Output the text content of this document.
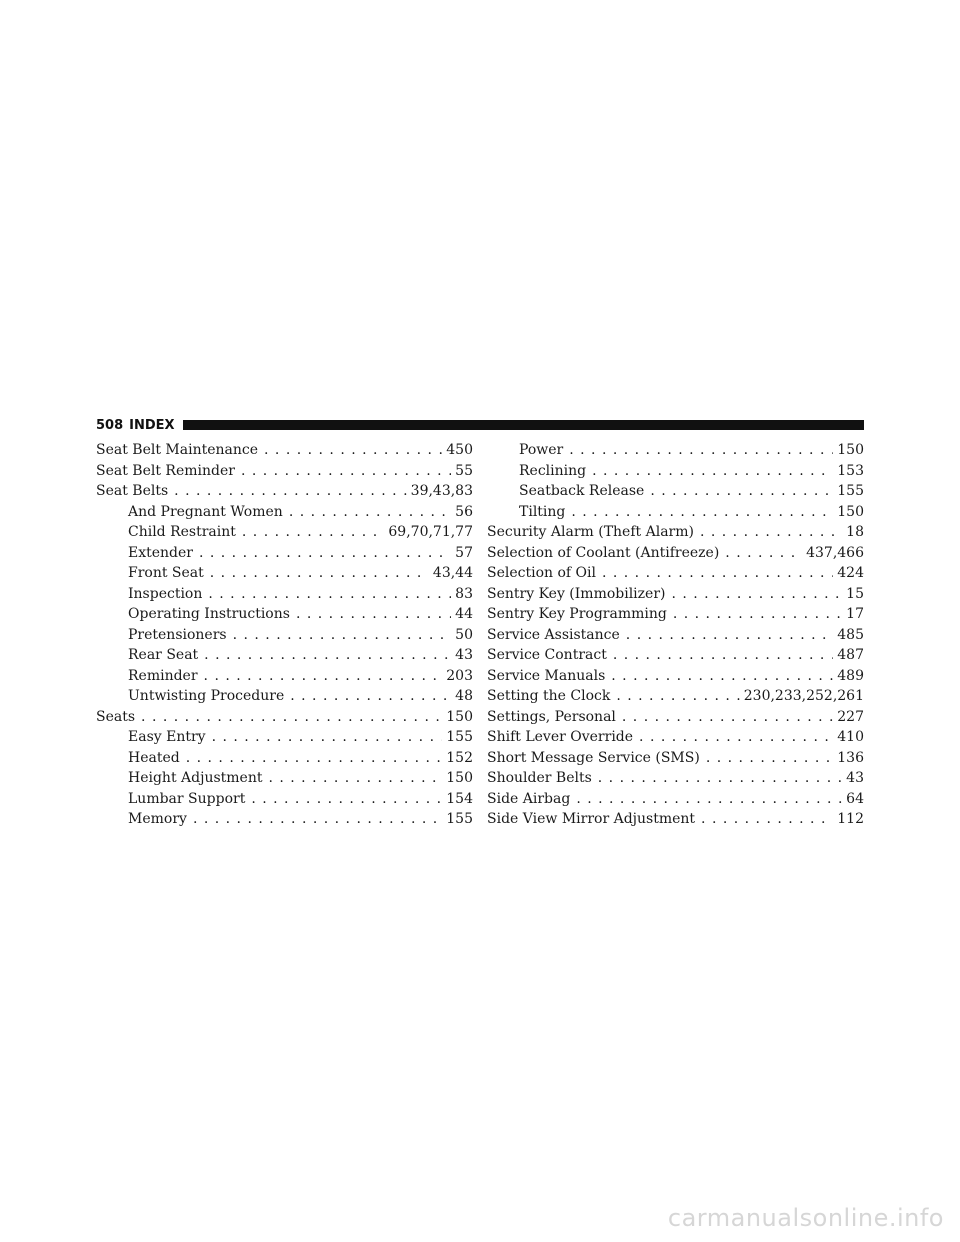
508 INDEX
Seat Belt Maintenance . . .	450
Seat Belt Reminder . . .	55
Seat Belts . . .	39,43,83
And Pregnant Women . . .	56
Child Restraint . . .	69,70,71,77
Extender . . .	57
Front Seat . . .	43,44
Inspection . . .	83
Operating Instructions . . .	44
Pretensioners . . .	50
Rear Seat . . .	43
Reminder . . .	203
Untwisting Procedure . . .	48
Seats . . .	150
Easy Entry . . .	155
Heated . . .	152
Height Adjustment . . .	150
Lumbar Support . . .	154
Memory . . .	155
Power . . .	150
Reclining . . .	153
Seatback Release . . .	155
Tilting . . .	150
Security Alarm (Theft Alarm) . . .	18
Selection of Coolant (Antifreeze) . . .	437,466
Selection of Oil . . .	424
Sentry Key (Immobilizer) . . .	15
Sentry Key Programming . . .	17
Service Assistance . . .	485
Service Contract . . .	487
Service Manuals . . .	489
Setting the Clock . . .	230,233,252,261
Settings, Personal . . .	227
Shift Lever Override . . .	410
Short Message Service (SMS) . . .	136
Shoulder Belts . . .	43
Side Airbag . . .	64
Side View Mirror Adjustment . . .	112
carmanualsonline.info
